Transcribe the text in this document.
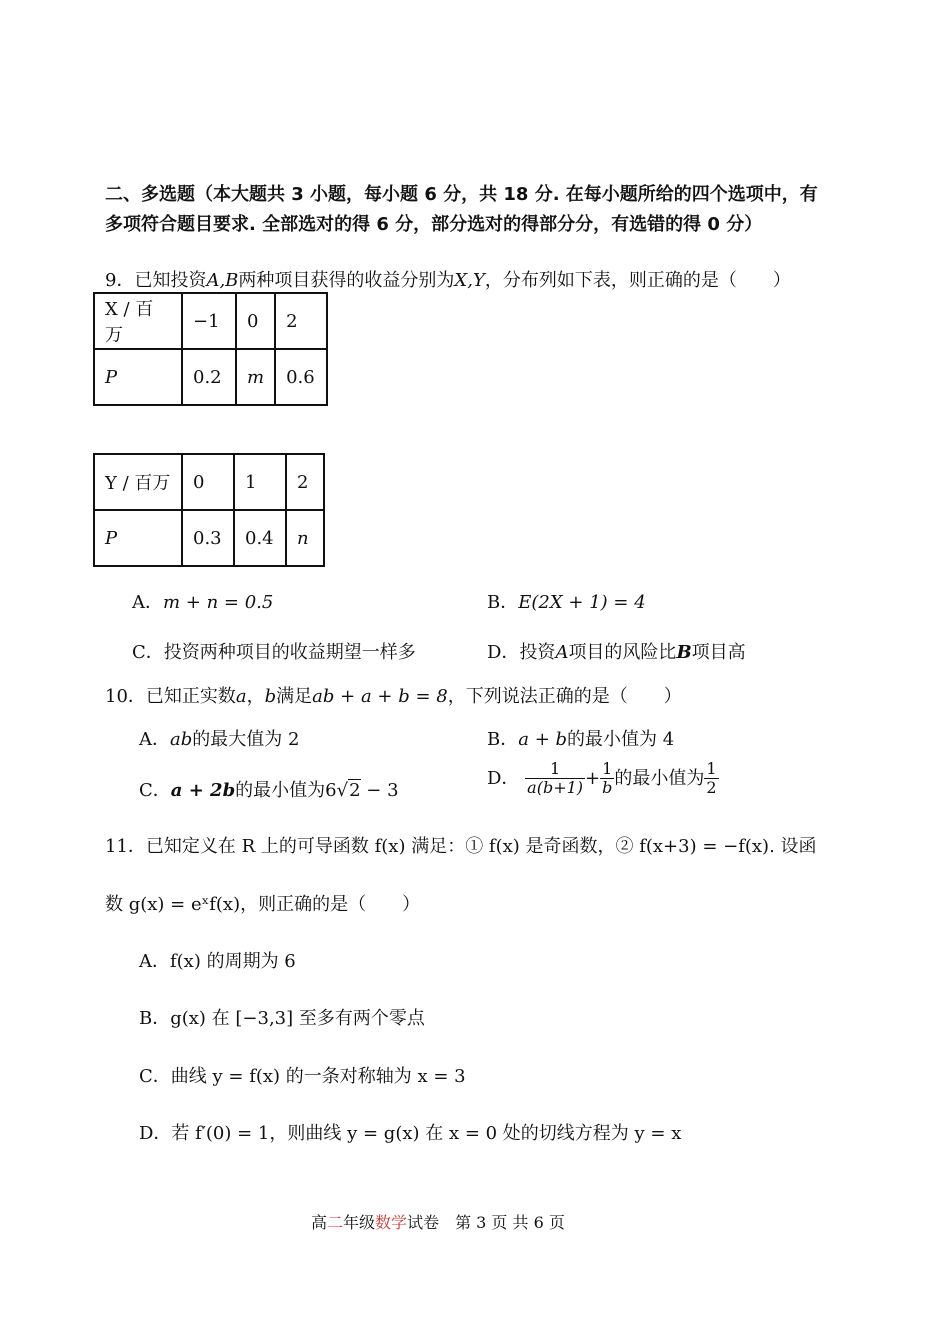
二、多选题（本大题共 3 小题，每小题 6 分，共 18 分. 在每小题所给的四个选项中，有
多项符合题目要求. 全部选对的得 6 分，部分选对的得部分分，有选错的得 0 分）
9．已知投资A,B两种项目获得的收益分别为X,Y，分布列如下表，则正确的是（　　）
X / 百万	−1	0	2
P	0.2	m	0.6
Y / 百万	0	1	2
P	0.3	0.4	n
A．m + n = 0.5	B．E(2X + 1) = 4
C．投资两种项目的收益期望一样多	D．投资A项目的风险比B项目高
10．已知正实数a，b满足ab + a + b = 8，下列说法正确的是（　　）
A．ab的最大值为 2	B．a + b的最小值为 4
C．a + 2b的最小值为6√2 − 3
D． $\frac{1}{a(b+1)} + \frac{1}{b}$ 的最小值为 $\frac{1}{2}$
11．已知定义在 R 上的可导函数 f(x) 满足：① f(x) 是奇函数，② f(x+3) = −f(x). 设函
数 g(x) = eˣf(x)，则正确的是（　　）
A．f(x) 的周期为 6
B．g(x) 在 [−3,3] 至多有两个零点
C．曲线 y = f(x) 的一条对称轴为 x = 3
D．若 f′(0) = 1，则曲线 y = g(x) 在 x = 0 处的切线方程为 y = x
高二年级数学试卷　第 3 页 共 6 页
